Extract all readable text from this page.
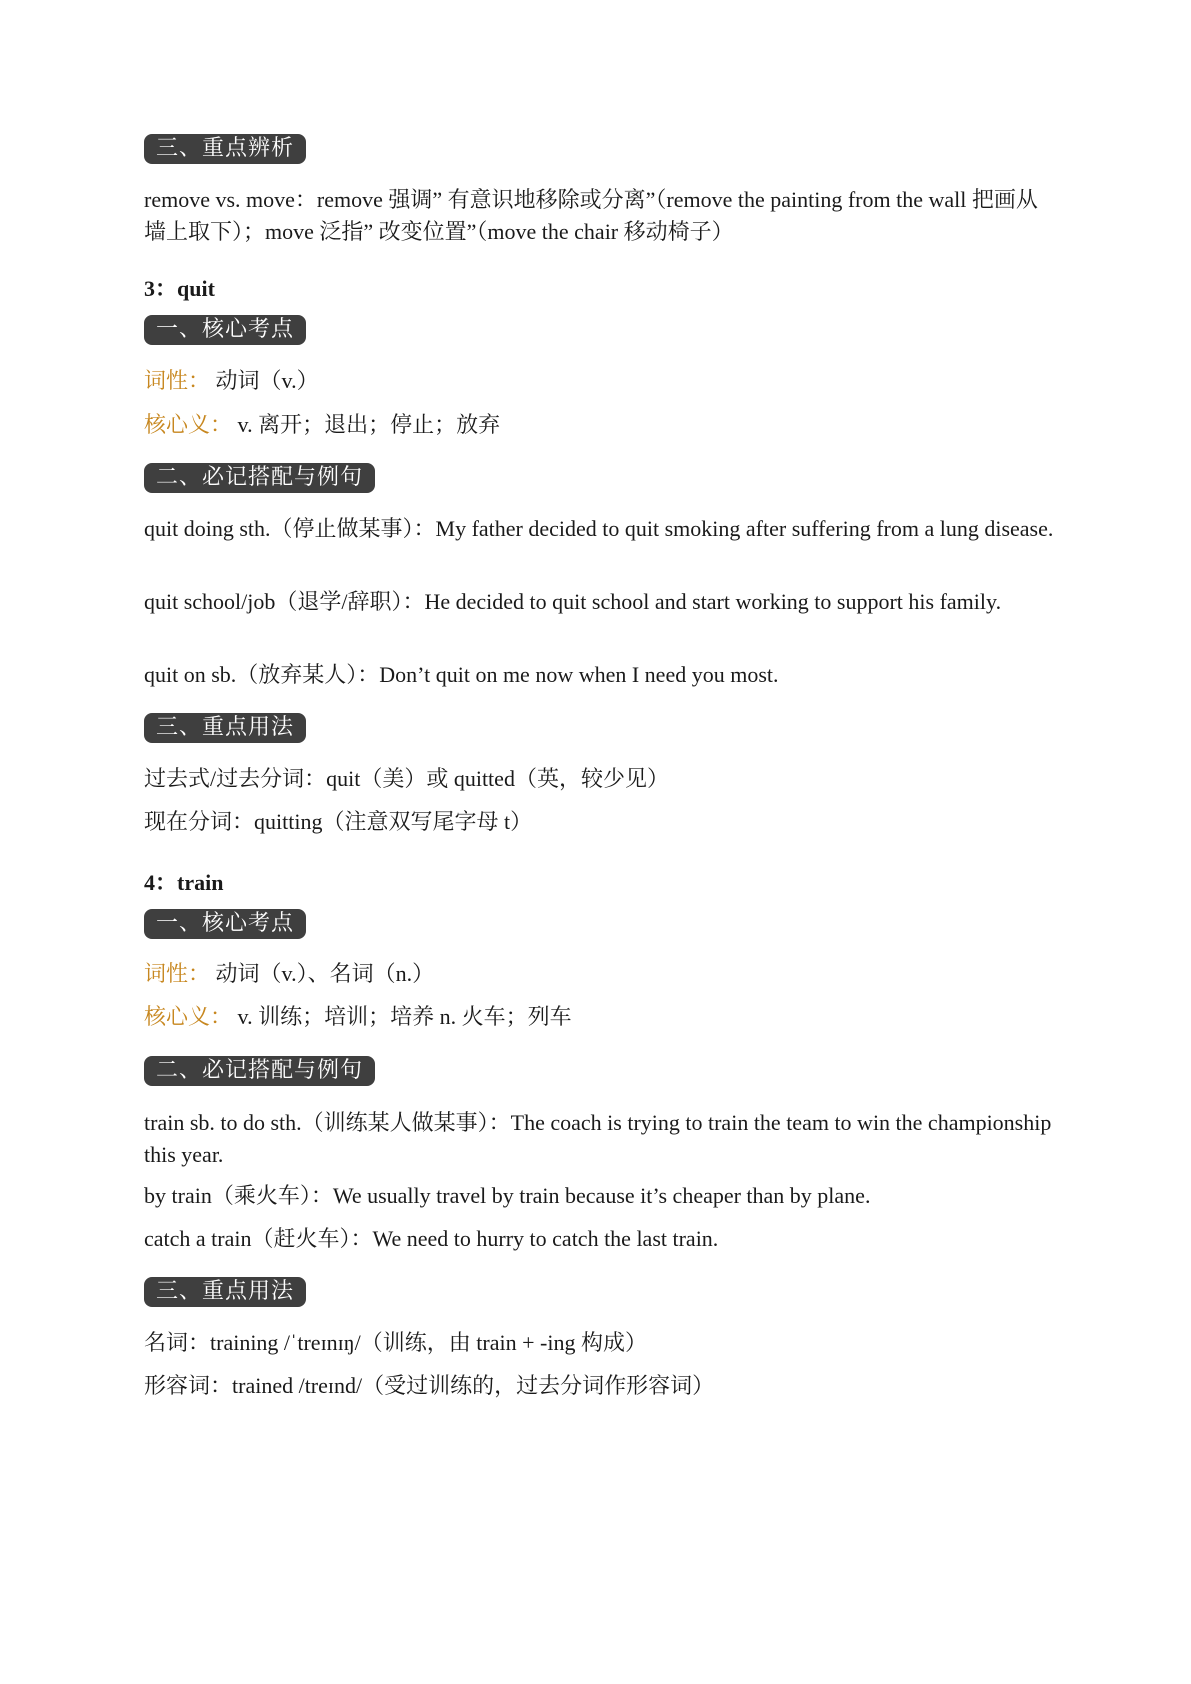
三、重点辨析
remove vs. move：remove 强调” 有意识地移除或分离”（remove the painting from the wall 把画从墙上取下）；move 泛指” 改变位置”（move the chair 移动椅子）
3：quit
一、核心考点
词性： 动词（v.）
核心义： v. 离开；退出；停止；放弃
二、必记搭配与例句
quit doing sth.（停止做某事）：My father decided to quit smoking after suffering from a lung disease.
quit school/job（退学/辞职）：He decided to quit school and start working to support his family.
quit on sb.（放弃某人）：Don’t quit on me now when I need you most.
三、重点用法
过去式/过去分词：quit（美）或 quitted（英，较少见）
现在分词：quitting（注意双写尾字母 t）
4：train
一、核心考点
词性： 动词（v.）、名词（n.）
核心义： v. 训练；培训；培养 n. 火车；列车
二、必记搭配与例句
train sb. to do sth.（训练某人做某事）：The coach is trying to train the team to win the championship this year.
by train（乘火车）：We usually travel by train because it’s cheaper than by plane.
catch a train（赶火车）：We need to hurry to catch the last train.
三、重点用法
名词：training /ˈtreɪnɪŋ/（训练，由 train + -ing 构成）
形容词：trained /treɪnd/（受过训练的，过去分词作形容词）
